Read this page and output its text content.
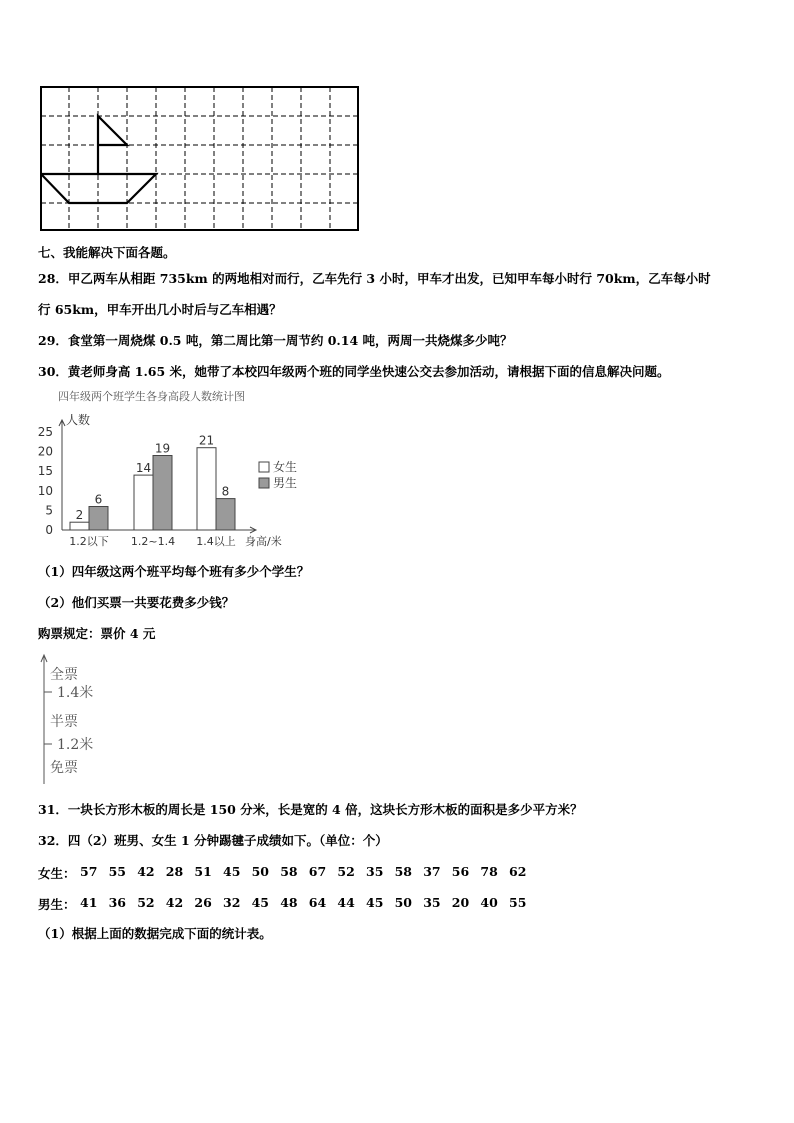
七、我能解决下面各题。
28．甲乙两车从相距 735km 的两地相对而行，乙车先行 3 小时，甲车才出发，已知甲车每小时行 70km，乙车每小时
行 65km，甲车开出几小时后与乙车相遇？
29．食堂第一周烧煤 0.5 吨，第二周比第一周节约 0.14 吨，两周一共烧煤多少吨？
30．黄老师身高 1.65 米，她带了本校四年级两个班的同学坐快速公交去参加活动，请根据下面的信息解决问题。
四年级两个班学生各身高段人数统计图
人数
身高/米
0
5
10
15
20
25
2
6
14
19
21
8
1.2以下 1.2~1.4 1.4以上
女生
男生
（1）四年级这两个班平均每个班有多少个学生？
（2）他们买票一共要花费多少钱？
购票规定：票价 4 元
全票
1.4米
半票
1.2米
免票
31．一块长方形木板的周长是 150 分米，长是宽的 4 倍，这块长方形木板的面积是多少平方米？
32．四（2）班男、女生 1 分钟踢毽子成绩如下。（单位：个）
女生： 57 55 42 28 51 45 50 58 67 52 35 58 37 56 78 62
男生： 41 36 52 42 26 32 45 48 64 44 45 50 35 20 40 55
（1）根据上面的数据完成下面的统计表。
